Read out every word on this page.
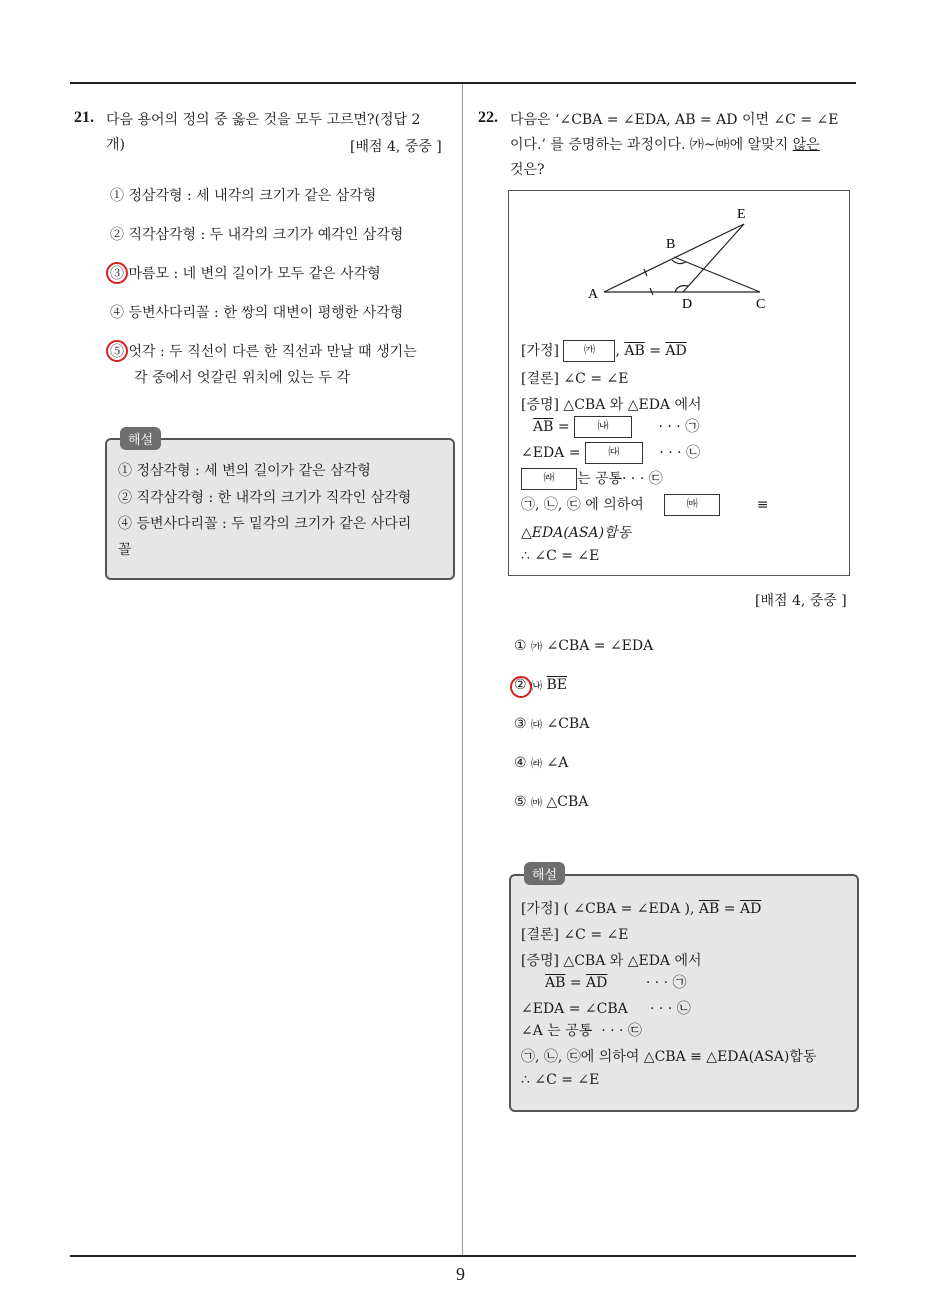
9
21. 다음 용어의 정의 중 옳은 것을 모두 고르면?(정답 2
개)	[배점 4, 중중 ]
① 정삼각형 : 세 내각의 크기가 같은 삼각형
② 직각삼각형 : 두 내각의 크기가 예각인 삼각형
③ 마름모 : 네 변의 길이가 모두 같은 사각형
④ 등변사다리꼴 : 한 쌍의 대변이 평행한 사각형
⑤ 엇각 : 두 직선이 다른 한 직선과 만날 때 생기는
각 중에서 엇갈린 위치에 있는 두 각
해설
① 정삼각형 : 세 변의 길이가 같은 삼각형
② 직각삼각형 : 한 내각의 크기가 직각인 삼각형
④ 등변사다리꼴 : 두 밑각의 크기가 같은 사다리
꼴
22. 다음은 ‘∠CBA = ∠EDA, AB = AD 이면 ∠C = ∠E
이다.’ 를 증명하는 과정이다. ㈎~㈒에 알맞지 않은
것은?
E
B
A
D	C
[가정] ㈎ , $\overline{AB} = \overline{AD}$
[결론] ∠C = ∠E
[증명] △CBA 와 △EDA 에서
$\overline{AB}$ =	㈏	· · · ㉠
∠EDA =	㈐	· · · ㉡
㈑ 는 공통· · · ㉢
㉠, ㉡, ㉢ 에 의하여	㈒	≡
△EDA(ASA)합동
∴ ∠C = ∠E
[배점 4, 중중 ]
① ㈎ ∠CBA = ∠EDA
② ㈏ $\overline{BE}$
③ ㈐ ∠CBA
④ ㈑ ∠A
⑤ ㈒ △CBA
해설
[가정] ( ∠CBA = ∠EDA ), $\overline{AB} = \overline{AD}$
[결론] ∠C = ∠E
[증명] △CBA 와 △EDA 에서
$\overline{AB} = \overline{AD}$	· · · ㉠
∠EDA = ∠CBA     · · · ㉡
∠A 는 공통  · · · ㉢
㉠, ㉡, ㉢에 의하여 △CBA ≡ △EDA(ASA)합동
∴ ∠C = ∠E
